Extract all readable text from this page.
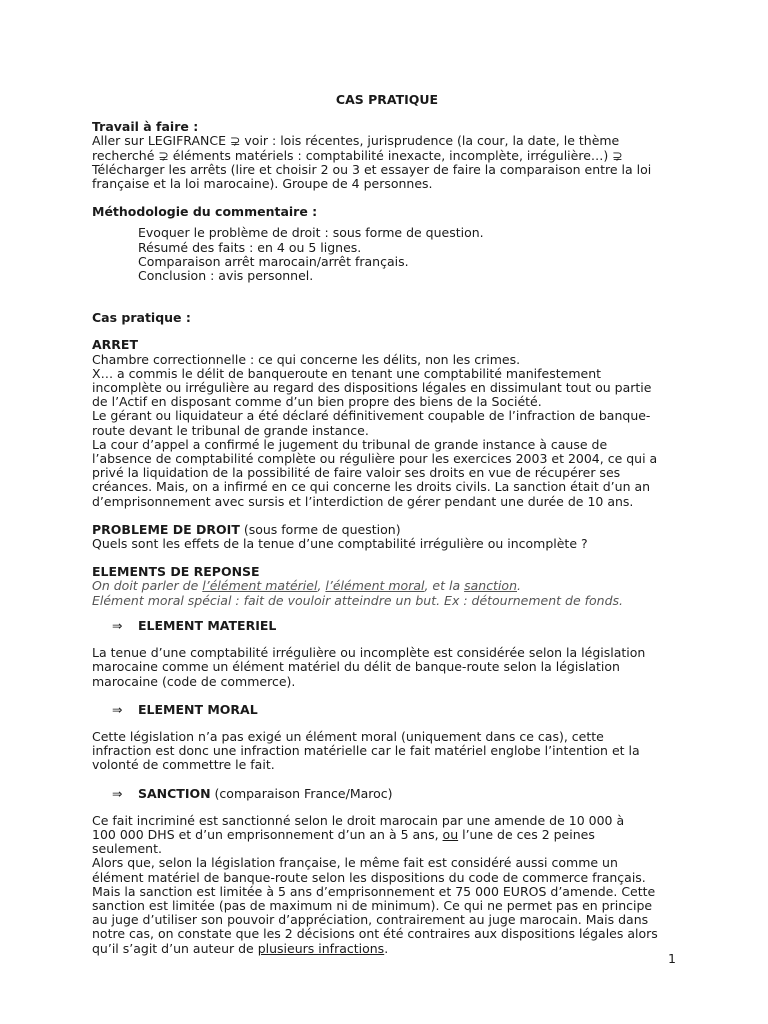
CAS PRATIQUE

Travail à faire :

Aller sur LEGIFRANCE ⊋ voir : lois récentes, jurisprudence (la cour, la date, le thème

recherché ⊋ éléments matériels : comptabilité inexacte, incomplète, irrégulière…) ⊋

Télécharger les arrêts (lire et choisir 2 ou 3 et essayer de faire la comparaison entre la loi

française et la loi marocaine). Groupe de 4 personnes.

Méthodologie du commentaire :

Evoquer le problème de droit : sous forme de question.

Résumé des faits : en 4 ou 5 lignes.

Comparaison arrêt marocain/arrêt français.

Conclusion : avis personnel.

Cas pratique :

ARRET

Chambre correctionnelle : ce qui concerne les délits, non les crimes.

X… a commis le délit de banqueroute en tenant une comptabilité manifestement

incomplète ou irrégulière au regard des dispositions légales en dissimulant tout ou partie

de l’Actif en disposant comme d’un bien propre des biens de la Société.

Le gérant ou liquidateur a été déclaré définitivement coupable de l’infraction de banque-

route devant le tribunal de grande instance.

La cour d’appel a confirmé le jugement du tribunal de grande instance à cause de

l’absence de comptabilité complète ou régulière pour les exercices 2003 et 2004, ce qui a

privé la liquidation de la possibilité de faire valoir ses droits en vue de récupérer ses

créances. Mais, on a infirmé en ce qui concerne les droits civils. La sanction était d’un an

d’emprisonnement avec sursis et l’interdiction de gérer pendant une durée de 10 ans.

PROBLEME DE DROIT (sous forme de question)

Quels sont les effets de la tenue d’une comptabilité irrégulière ou incomplète ?

ELEMENTS DE REPONSE

On doit parler de l’élément matériel, l’élément moral, et la sanction.

Elément moral spécial : fait de vouloir atteindre un but. Ex : détournement de fonds.

⇒ ELEMENT MATERIEL

La tenue d’une comptabilité irrégulière ou incomplète est considérée selon la législation

marocaine comme un élément matériel du délit de banque-route selon la législation

marocaine (code de commerce).

⇒ ELEMENT MORAL

Cette législation n’a pas exigé un élément moral (uniquement dans ce cas), cette

infraction est donc une infraction matérielle car le fait matériel englobe l’intention et la

volonté de commettre le fait.

⇒ SANCTION (comparaison France/Maroc)

Ce fait incriminé est sanctionné selon le droit marocain par une amende de 10 000 à

100 000 DHS et d’un emprisonnement d’un an à 5 ans, ou l’une de ces 2 peines

seulement.

Alors que, selon la législation française, le même fait est considéré aussi comme un

élément matériel de banque-route selon les dispositions du code de commerce français.

Mais la sanction est limitée à 5 ans d’emprisonnement et 75 000 EUROS d’amende. Cette

sanction est limitée (pas de maximum ni de minimum). Ce qui ne permet pas en principe

au juge d’utiliser son pouvoir d’appréciation, contrairement au juge marocain. Mais dans

notre cas, on constate que les 2 décisions ont été contraires aux dispositions légales alors

qu’il s’agit d’un auteur de plusieurs infractions.

1
